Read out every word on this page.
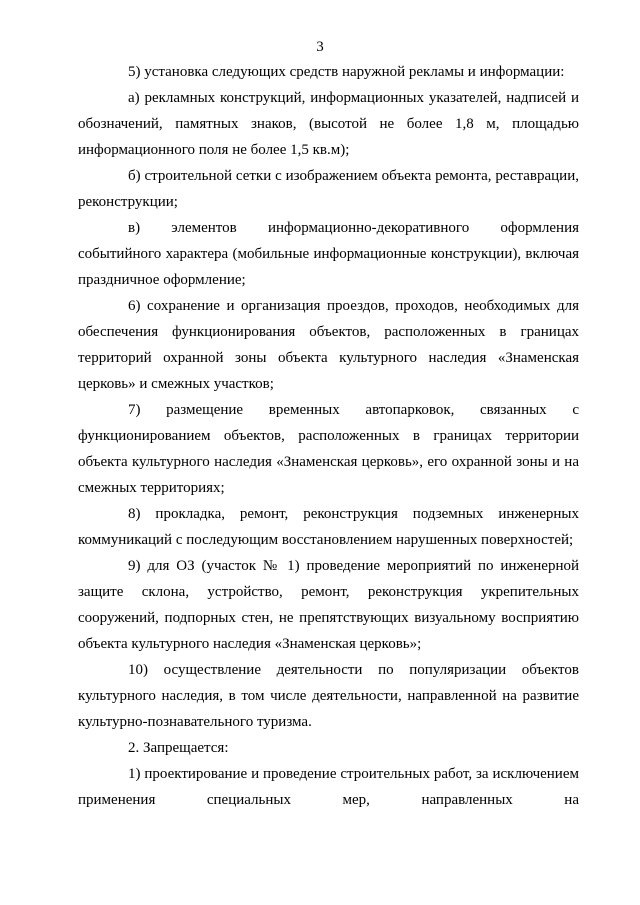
3

5) установка следующих средств наружной рекламы и информации:

а) рекламных конструкций, информационных указателей, надписей и обозначений, памятных знаков, (высотой не более 1,8 м, площадью информационного поля не более 1,5 кв.м);

б) строительной сетки с изображением объекта ремонта, реставрации, реконструкции;

в) элементов информационно-декоративного оформления событийного характера (мобильные информационные конструкции), включая праздничное оформление;

6) сохранение и организация проездов, проходов, необходимых для обеспечения функционирования объектов, расположенных в границах территорий охранной зоны объекта культурного наследия «Знаменская церковь» и смежных участков;

7) размещение временных автопарковок, связанных с функционированием объектов, расположенных в границах территории объекта культурного наследия «Знаменская церковь», его охранной зоны и на смежных территориях;

8) прокладка, ремонт, реконструкция подземных инженерных коммуникаций с последующим восстановлением нарушенных поверхностей;

9) для ОЗ (участок № 1) проведение мероприятий по инженерной защите склона, устройство, ремонт, реконструкция укрепительных сооружений, подпорных стен, не препятствующих визуальному восприятию объекта культурного наследия «Знаменская церковь»;

10) осуществление деятельности по популяризации объектов культурного наследия, в том числе деятельности, направленной на развитие культурно-познавательного туризма.

2. Запрещается:

1) проектирование и проведение строительных работ, за исключением применения специальных мер, направленных на
